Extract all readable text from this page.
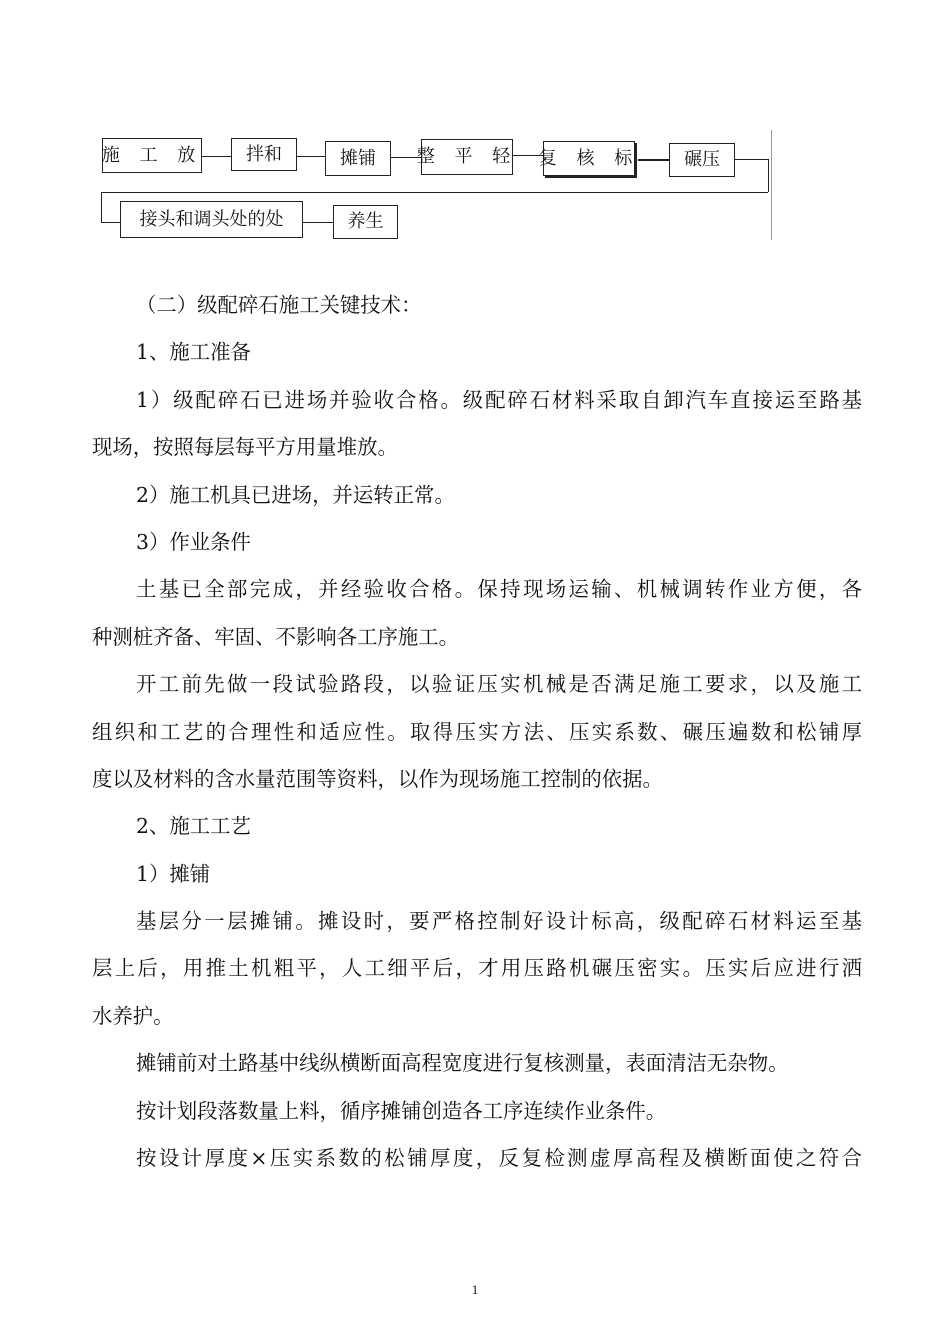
施 工 放	拌和	摊铺	整 平 轻 复 核 标	碾压
接头和调头处的处	养生

（二）级配碎石施工关键技术：

1、施工准备

1）级配碎石已进场并验收合格。级配碎石材料采取自卸汽车直接运至路基

现场，按照每层每平方用量堆放。

2）施工机具已进场，并运转正常。

3）作业条件

土基已全部完成，并经验收合格。保持现场运输、机械调转作业方便，各

种测桩齐备、牢固、不影响各工序施工。

开工前先做一段试验路段，以验证压实机械是否满足施工要求，以及施工

组织和工艺的合理性和适应性。取得压实方法、压实系数、碾压遍数和松铺厚

度以及材料的含水量范围等资料，以作为现场施工控制的依据。

2、施工工艺

1）摊铺

基层分一层摊铺。摊设时，要严格控制好设计标高，级配碎石材料运至基

层上后，用推土机粗平，人工细平后，才用压路机碾压密实。压实后应进行洒

水养护。

摊铺前对土路基中线纵横断面高程宽度进行复核测量，表面清洁无杂物。

按计划段落数量上料，循序摊铺创造各工序连续作业条件。

按设计厚度×压实系数的松铺厚度，反复检测虚厚高程及横断面使之符合

1
